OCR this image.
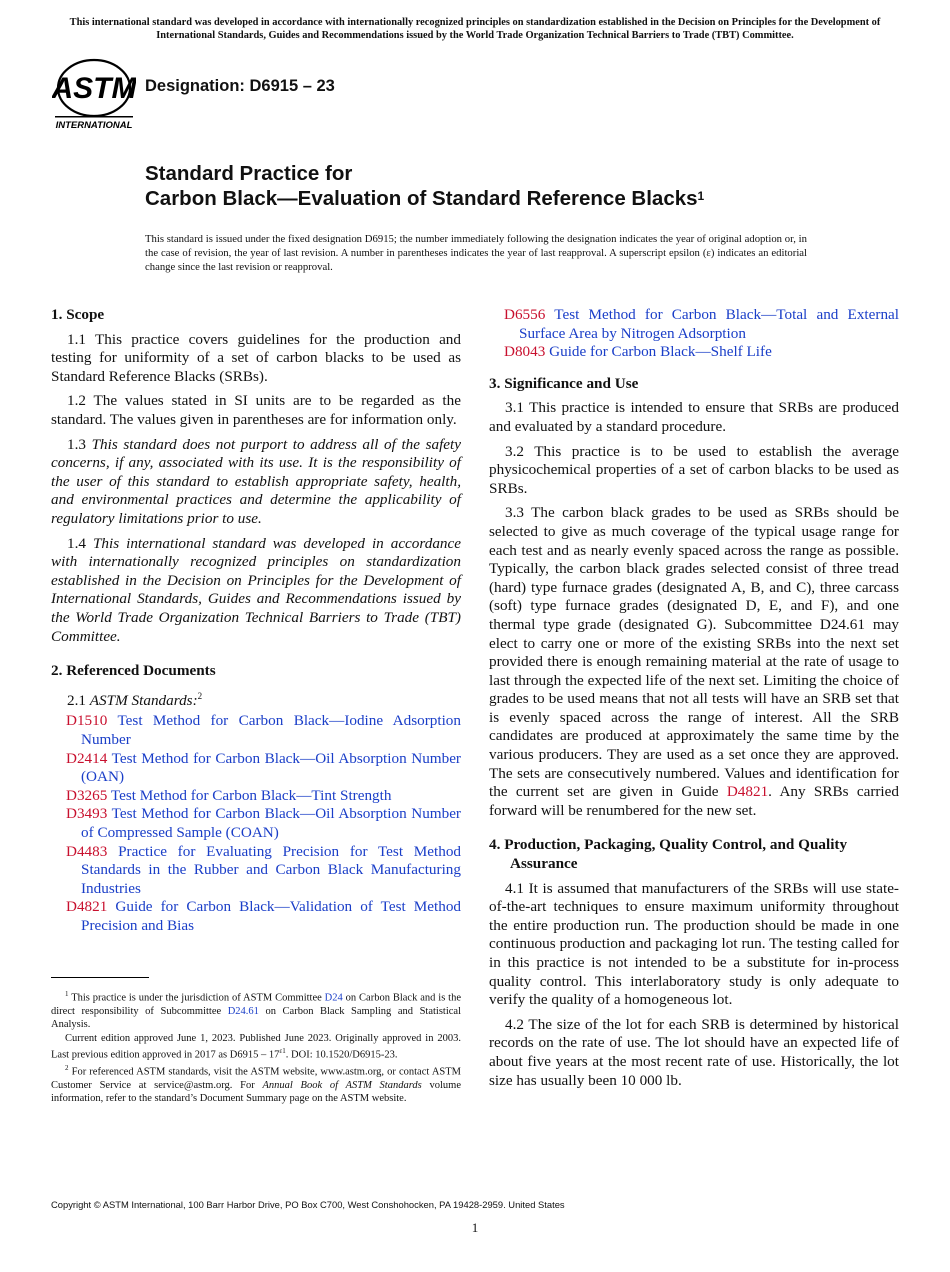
This international standard was developed in accordance with internationally recognized principles on standardization established in the Decision on Principles for the Development of International Standards, Guides and Recommendations issued by the World Trade Organization Technical Barriers to Trade (TBT) Committee.
ASTM
INTERNATIONAL
Designation: D6915 – 23
Standard Practice for
Carbon Black—Evaluation of Standard Reference Blacks$^1$
This standard is issued under the fixed designation D6915; the number immediately following the designation indicates the year of original adoption or, in the case of revision, the year of last revision. A number in parentheses indicates the year of last reapproval. A superscript epsilon (ε) indicates an editorial change since the last revision or reapproval.
1. Scope

1.1 This practice covers guidelines for the production and testing for uniformity of a set of carbon blacks to be used as Standard Reference Blacks (SRBs).

1.2 The values stated in SI units are to be regarded as the standard. The values given in parentheses are for information only.

1.3 This standard does not purport to address all of the safety concerns, if any, associated with its use. It is the responsibility of the user of this standard to establish appropriate safety, health, and environmental practices and determine the applicability of regulatory limitations prior to use.

1.4 This international standard was developed in accordance with internationally recognized principles on standardization established in the Decision on Principles for the Development of International Standards, Guides and Recommendations issued by the World Trade Organization Technical Barriers to Trade (TBT) Committee.

2. Referenced Documents

2.1 ASTM Standards:$^2$

D1510 Test Method for Carbon Black—Iodine Adsorption Number

D2414 Test Method for Carbon Black—Oil Absorption Number (OAN)

D3265 Test Method for Carbon Black—Tint Strength

D3493 Test Method for Carbon Black—Oil Absorption Number of Compressed Sample (COAN)

D4483 Practice for Evaluating Precision for Test Method Standards in the Rubber and Carbon Black Manufacturing Industries

D4821 Guide for Carbon Black—Validation of Test Method Precision and Bias

$^1$ This practice is under the jurisdiction of ASTM Committee D24 on Carbon Black and is the direct responsibility of Subcommittee D24.61 on Carbon Black Sampling and Statistical Analysis.

Current edition approved June 1, 2023. Published June 2023. Originally approved in 2003. Last previous edition approved in 2017 as $D6915 - 17^{\varepsilon 1}$. DOI: 10.1520/D6915-23.

$^2$ For referenced ASTM standards, visit the ASTM website, www.astm.org, or contact ASTM Customer Service at service@astm.org. For Annual Book of ASTM Standards volume information, refer to the standard’s Document Summary page on the ASTM website.

D6556 Test Method for Carbon Black—Total and External Surface Area by Nitrogen Adsorption

D8043 Guide for Carbon Black—Shelf Life

3. Significance and Use

3.1 This practice is intended to ensure that SRBs are produced and evaluated by a standard procedure.

3.2 This practice is to be used to establish the average physicochemical properties of a set of carbon blacks to be used as SRBs.

3.3 The carbon black grades to be used as SRBs should be selected to give as much coverage of the typical usage range for each test and as nearly evenly spaced across the range as possible. Typically, the carbon black grades selected consist of three tread (hard) type furnace grades (designated A, B, and C), three carcass (soft) type furnace grades (designated D, E, and F), and one thermal type grade (designated G). Subcommittee D24.61 may elect to carry one or more of the existing SRBs into the next set provided there is enough remaining material at the rate of usage to last through the expected life of the next set. Limiting the choice of grades to be used means that not all tests will have an SRB set that is evenly spaced across the range of interest. All the SRB candidates are produced at approximately the same time by the various producers. They are used as a set once they are approved. The sets are consecutively numbered. Values and identification for the current set are given in Guide D4821. Any SRBs carried forward will be renumbered for the new set.

4. Production, Packaging, Quality Control, and Quality Assurance

4.1 It is assumed that manufacturers of the SRBs will use state-of-the-art techniques to ensure maximum uniformity throughout the entire production run. The production should be made in one continuous production and packaging lot run. The testing called for in this practice is not intended to be a substitute for in-process quality control. This interlaboratory study is only adequate to verify the quality of a homogeneous lot.

4.2 The size of the lot for each SRB is determined by historical records on the rate of use. The lot should have an expected life of about five years at the most recent rate of use. Historically, the lot size has usually been 10 000 lb.

Copyright © ASTM International, 100 Barr Harbor Drive, PO Box C700, West Conshohocken, PA 19428-2959. United States
1
